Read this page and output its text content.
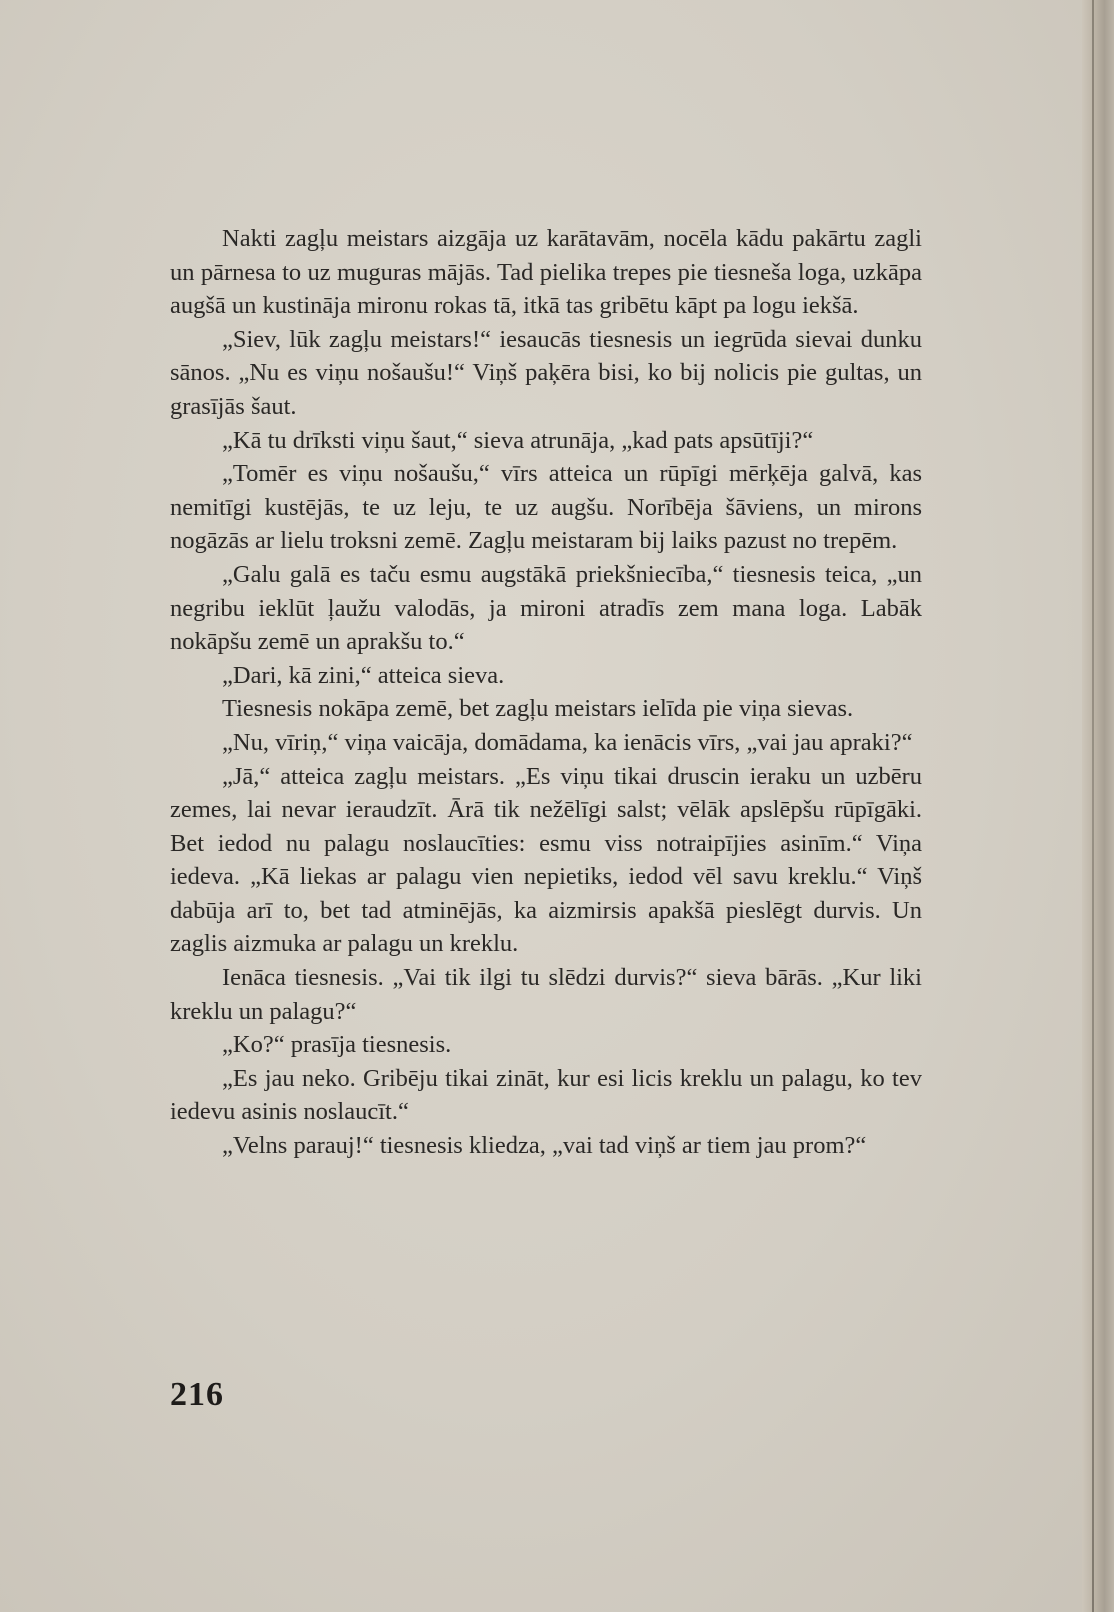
Nakti zagļu meistars aizgāja uz karātavām, nocēla kādu pakārtu zagli un pārnesa to uz muguras mājās. Tad pielika trepes pie tiesneša loga, uzkāpa augšā un kustināja mironu rokas tā, itkā tas gribētu kāpt pa logu iekšā.

„Siev, lūk zagļu meistars!“ iesaucās tiesnesis un iegrūda sievai dunku sānos. „Nu es viņu nošaušu!“ Viņš paķēra bisi, ko bij nolicis pie gultas, un grasījās šaut.

„Kā tu drīksti viņu šaut,“ sieva atrunāja, „kad pats apsūtīji?“

„Tomēr es viņu nošaušu,“ vīrs atteica un rūpīgi mērķēja galvā, kas nemitīgi kustējās, te uz leju, te uz augšu. Norībēja šāviens, un mirons nogāzās ar lielu troksni zemē. Zagļu meistaram bij laiks pazust no trepēm.

„Galu galā es taču esmu augstākā priekšniecība,“ tiesnesis teica, „un negribu ieklūt ļaužu valodās, ja mironi atradīs zem mana loga. Labāk nokāpšu zemē un aprakšu to.“

„Dari, kā zini,“ atteica sieva.

Tiesnesis nokāpa zemē, bet zagļu meistars ielīda pie viņa sievas.

„Nu, vīriņ,“ viņa vaicāja, domādama, ka ienācis vīrs, „vai jau apraki?“

„Jā,“ atteica zagļu meistars. „Es viņu tikai druscin ieraku un uzbēru zemes, lai nevar ieraudzīt. Ārā tik nežēlīgi salst; vēlāk apslēpšu rūpīgāki. Bet iedod nu palagu noslaucīties: esmu viss notraipījies asinīm.“ Viņa iedeva. „Kā liekas ar palagu vien nepietiks, iedod vēl savu kreklu.“ Viņš dabūja arī to, bet tad atminējās, ka aizmirsis apakšā pieslēgt durvis. Un zaglis aizmuka ar palagu un kreklu.

Ienāca tiesnesis. „Vai tik ilgi tu slēdzi durvis?“ sieva bārās. „Kur liki kreklu un palagu?“

„Ko?“ prasīja tiesnesis.

„Es jau neko. Gribēju tikai zināt, kur esi licis kreklu un palagu, ko tev iedevu asinis noslaucīt.“

„Velns parauj!“ tiesnesis kliedza, „vai tad viņš ar tiem jau prom?“

216
